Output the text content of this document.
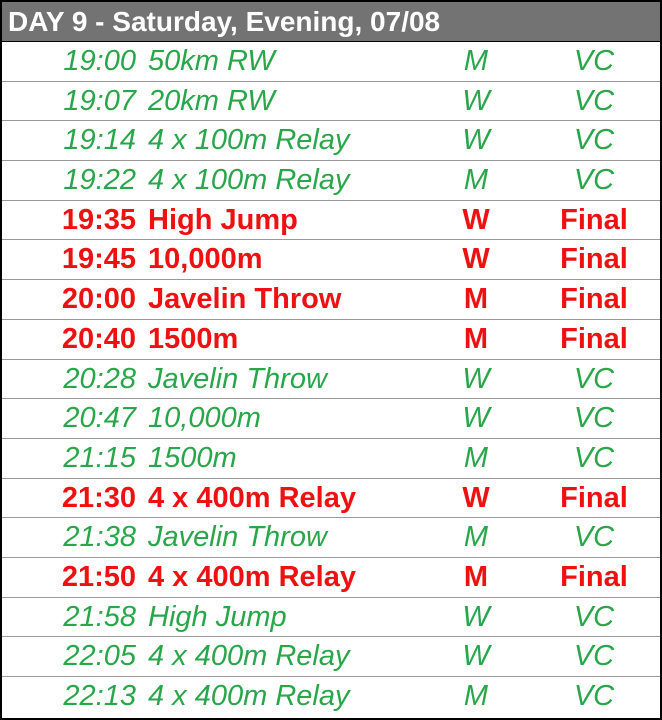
DAY 9 - Saturday, Evening, 07/08
19:00 50km RW	M	VC
19:07 20km RW	W	VC
19:14 4 x 100m Relay	W	VC
19:22 4 x 100m Relay	M	VC
19:35 High Jump	W	Final
19:45 10,000m	W	Final
20:00 Javelin Throw	M	Final
20:40 1500m	M	Final
20:28 Javelin Throw	W	VC
20:47 10,000m	W	VC
21:15 1500m	M	VC
21:30 4 x 400m Relay	W	Final
21:38 Javelin Throw	M	VC
21:50 4 x 400m Relay	M	Final
21:58 High Jump	W	VC
22:05 4 x 400m Relay	W	VC
22:13 4 x 400m Relay	M	VC
